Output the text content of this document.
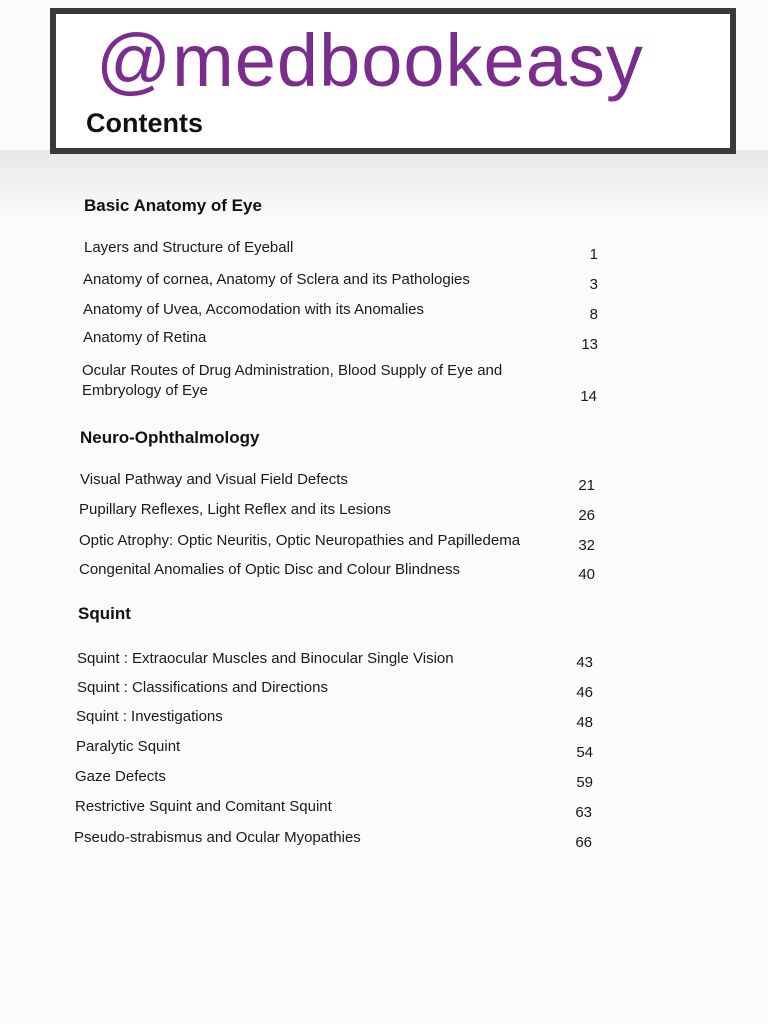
@medbookeasy
Contents
Basic Anatomy of Eye
Layers and Structure of Eyeball	1
Anatomy of cornea, Anatomy of Sclera and its Pathologies	3
Anatomy of Uvea, Accomodation with its Anomalies	8
Anatomy of Retina	13
Ocular Routes of Drug Administration, Blood Supply of Eye and Embryology of Eye	14
Neuro-Ophthalmology
Visual Pathway and Visual Field Defects	21
Pupillary Reflexes, Light Reflex and its Lesions	26
Optic Atrophy: Optic Neuritis, Optic Neuropathies and Papilledema	32
Congenital Anomalies of Optic Disc and Colour Blindness	40
Squint
Squint : Extraocular Muscles and Binocular Single Vision	43
Squint : Classifications and Directions	46
Squint : Investigations	48
Paralytic Squint	54
Gaze Defects	59
Restrictive Squint and Comitant Squint	63
Pseudo-strabismus and Ocular Myopathies	66
